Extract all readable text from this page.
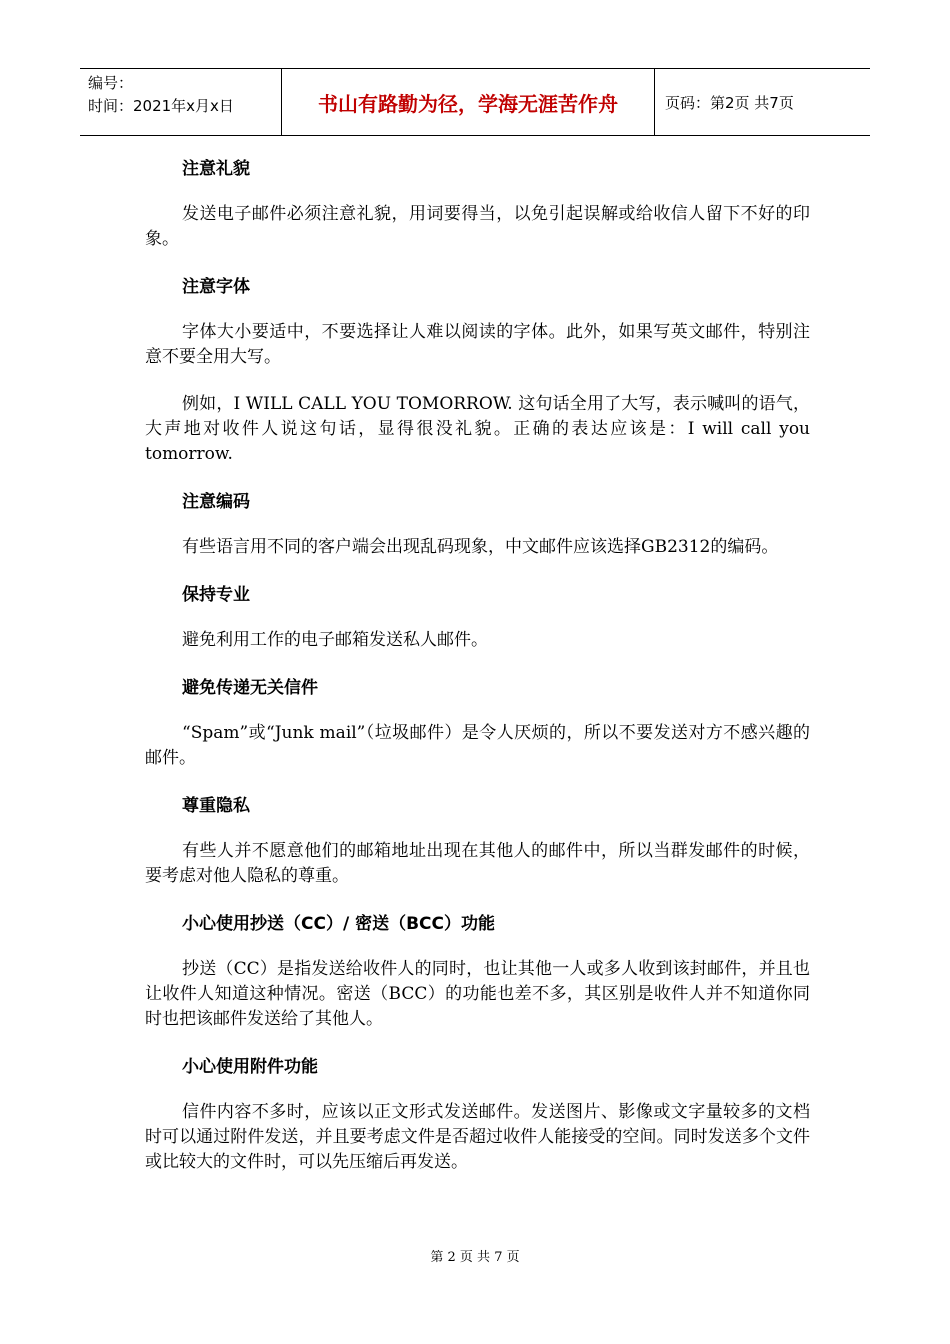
编号：
时间：2021年x月x日	书山有路勤为径，学海无涯苦作舟	页码：第2页 共7页
注意礼貌
发送电子邮件必须注意礼貌，用词要得当，以免引起误解或给收信人留下不好的印象。
注意字体
字体大小要适中，不要选择让人难以阅读的字体。此外，如果写英文邮件，特别注意不要全用大写。
例如，I WILL CALL YOU TOMORROW. 这句话全用了大写，表示喊叫的语气，大声地对收件人说这句话，显得很没礼貌。正确的表达应该是：I will call you tomorrow.
注意编码
有些语言用不同的客户端会出现乱码现象，中文邮件应该选择GB2312的编码。
保持专业
避免利用工作的电子邮箱发送私人邮件。
避免传递无关信件
“Spam”或“Junk mail”（垃圾邮件）是令人厌烦的，所以不要发送对方不感兴趣的邮件。
尊重隐私
有些人并不愿意他们的邮箱地址出现在其他人的邮件中，所以当群发邮件的时候，要考虑对他人隐私的尊重。
小心使用抄送（CC）/ 密送（BCC）功能
抄送（CC）是指发送给收件人的同时，也让其他一人或多人收到该封邮件，并且也让收件人知道这种情况。密送（BCC）的功能也差不多，其区别是收件人并不知道你同时也把该邮件发送给了其他人。
小心使用附件功能
信件内容不多时，应该以正文形式发送邮件。发送图片、影像或文字量较多的文档时可以通过附件发送，并且要考虑文件是否超过收件人能接受的空间。同时发送多个文件或比较大的文件时，可以先压缩后再发送。
第 2 页 共 7 页
